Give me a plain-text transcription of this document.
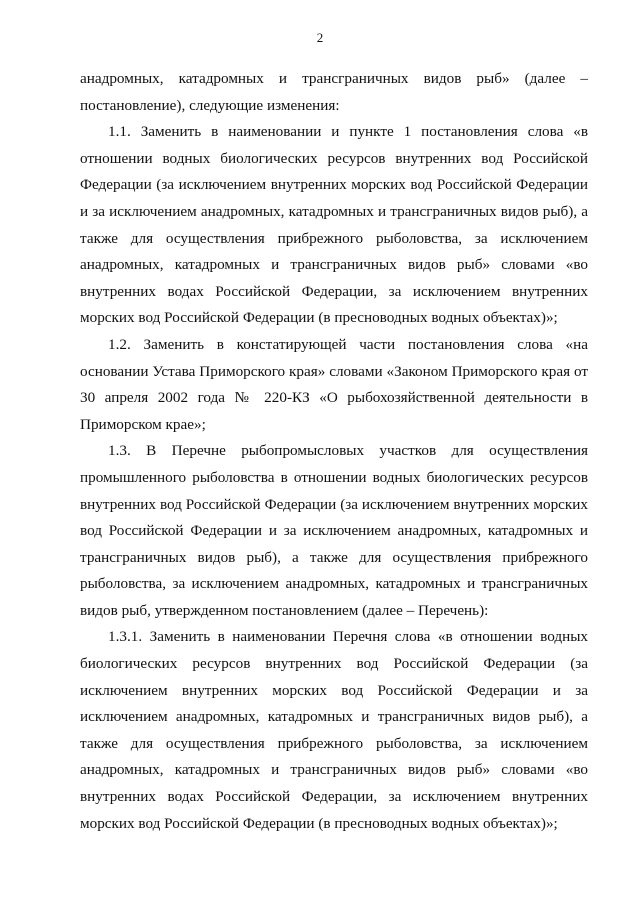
2

анадромных, катадромных и трансграничных видов рыб» (далее – постановление), следующие изменения:

1.1. Заменить в наименовании и пункте 1 постановления слова «в отношении водных биологических ресурсов внутренних вод Российской Федерации (за исключением внутренних морских вод Российской Федерации и за исключением анадромных, катадромных и трансграничных видов рыб), а также для осуществления прибрежного рыболовства, за исключением анадромных, катадромных и трансграничных видов рыб» словами «во внутренних водах Российской Федерации, за исключением внутренних морских вод Российской Федерации (в пресноводных водных объектах)»;

1.2. Заменить в констатирующей части постановления слова «на основании Устава Приморского края» словами «Законом Приморского края от 30 апреля 2002 года № 220-КЗ «О рыбохозяйственной деятельности в Приморском крае»;

1.3. В Перечне рыбопромысловых участков для осуществления промышленного рыболовства в отношении водных биологических ресурсов внутренних вод Российской Федерации (за исключением внутренних морских вод Российской Федерации и за исключением анадромных, катадромных и трансграничных видов рыб), а также для осуществления прибрежного рыболовства, за исключением анадромных, катадромных и трансграничных видов рыб, утвержденном постановлением (далее – Перечень):

1.3.1. Заменить в наименовании Перечня слова «в отношении водных биологических ресурсов внутренних вод Российской Федерации (за исключением внутренних морских вод Российской Федерации и за исключением анадромных, катадромных и трансграничных видов рыб), а также для осуществления прибрежного рыболовства, за исключением анадромных, катадромных и трансграничных видов рыб» словами «во внутренних водах Российской Федерации, за исключением внутренних морских вод Российской Федерации (в пресноводных водных объектах)»;
